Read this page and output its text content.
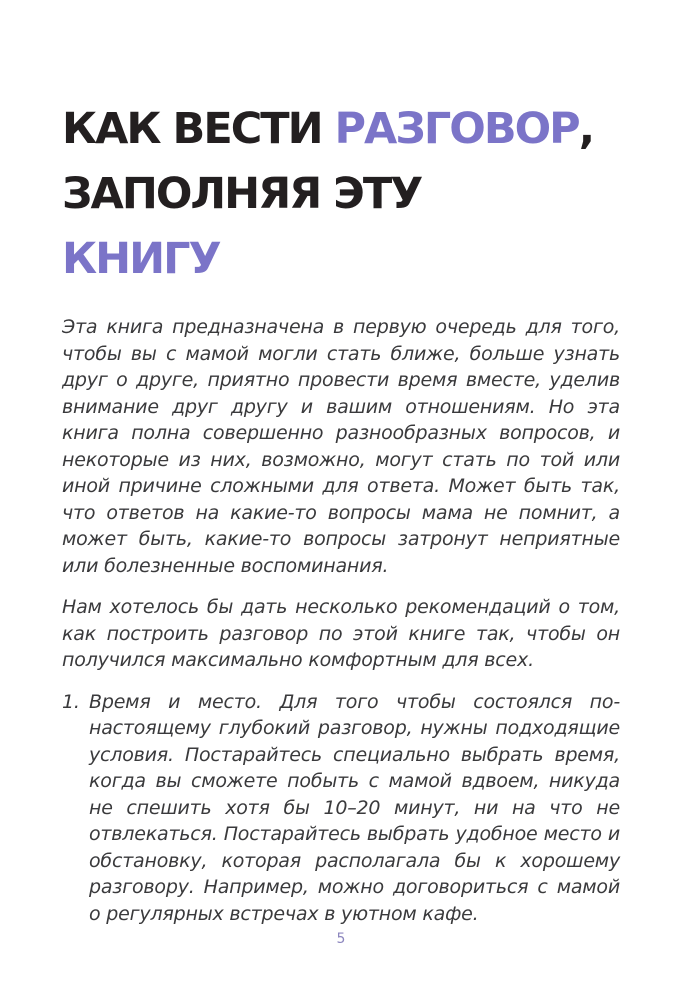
КАК ВЕСТИ РАЗГОВОР,
ЗАПОЛНЯЯ ЭТУ
КНИГУ

Эта книга предназначена в первую очередь для того, чтобы вы с мамой могли стать ближе, больше узнать друг о друге, приятно провести время вместе, уделив внимание друг другу и вашим отношениям. Но эта книга полна совершенно разнообразных вопросов, и некоторые из них, возможно, могут стать по той или иной причине сложными для ответа. Может быть так, что ответов на какие-то вопросы мама не помнит, а может быть, какие-то вопросы затронут неприятные или болезненные воспоминания.

Нам хотелось бы дать несколько рекомендаций о том, как построить разговор по этой книге так, чтобы он получился максимально комфортным для всех.

1. Время и место. Для того чтобы состоялся по-настоящему глубокий разговор, нужны подходящие условия. Постарайтесь специально выбрать время, когда вы сможете побыть с мамой вдвоем, никуда не спешить хотя бы 10–20 минут, ни на что не отвлекаться. Постарайтесь выбрать удобное место и обстановку, которая располагала бы к хорошему разговору. Например, можно договориться с мамой о регулярных встречах в уютном кафе.
5
